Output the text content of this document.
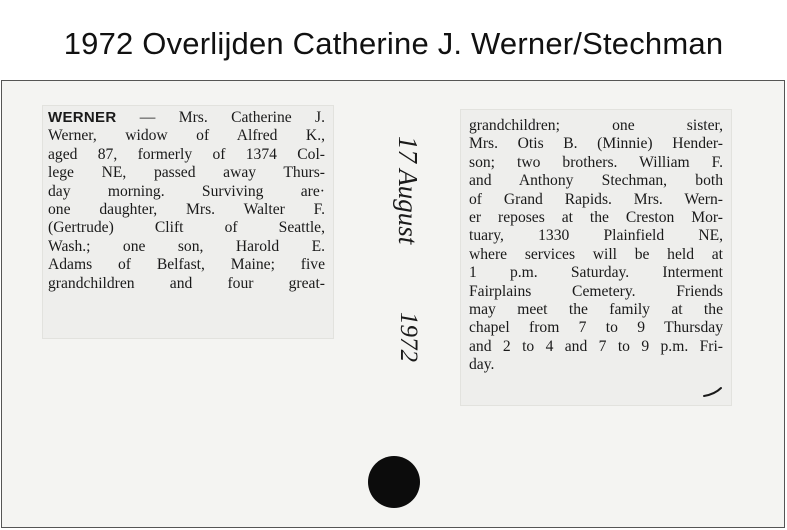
1972 Overlijden Catherine J. Werner/Stechman
WERNER — Mrs. Catherine J.
Werner, widow of Alfred K.,
aged 87, formerly of 1374 Col-
lege NE, passed away Thurs-
day morning. Surviving are·
one daughter, Mrs. Walter F.
(Gertrude) Clift of Seattle,
Wash.; one son, Harold E.
Adams of Belfast, Maine; five
grandchildren and four great-
17 August
1972
grandchildren; one sister,
Mrs. Otis B. (Minnie) Hender-
son; two brothers. William F.
and Anthony Stechman, both
of Grand Rapids. Mrs. Wern-
er reposes at the Creston Mor-
tuary, 1330 Plainfield NE,
where services will be held at
1 p.m. Saturday. Interment
Fairplains Cemetery. Friends
may meet the family at the
chapel from 7 to 9 Thursday
and 2 to 4 and 7 to 9 p.m. Fri-
day.
